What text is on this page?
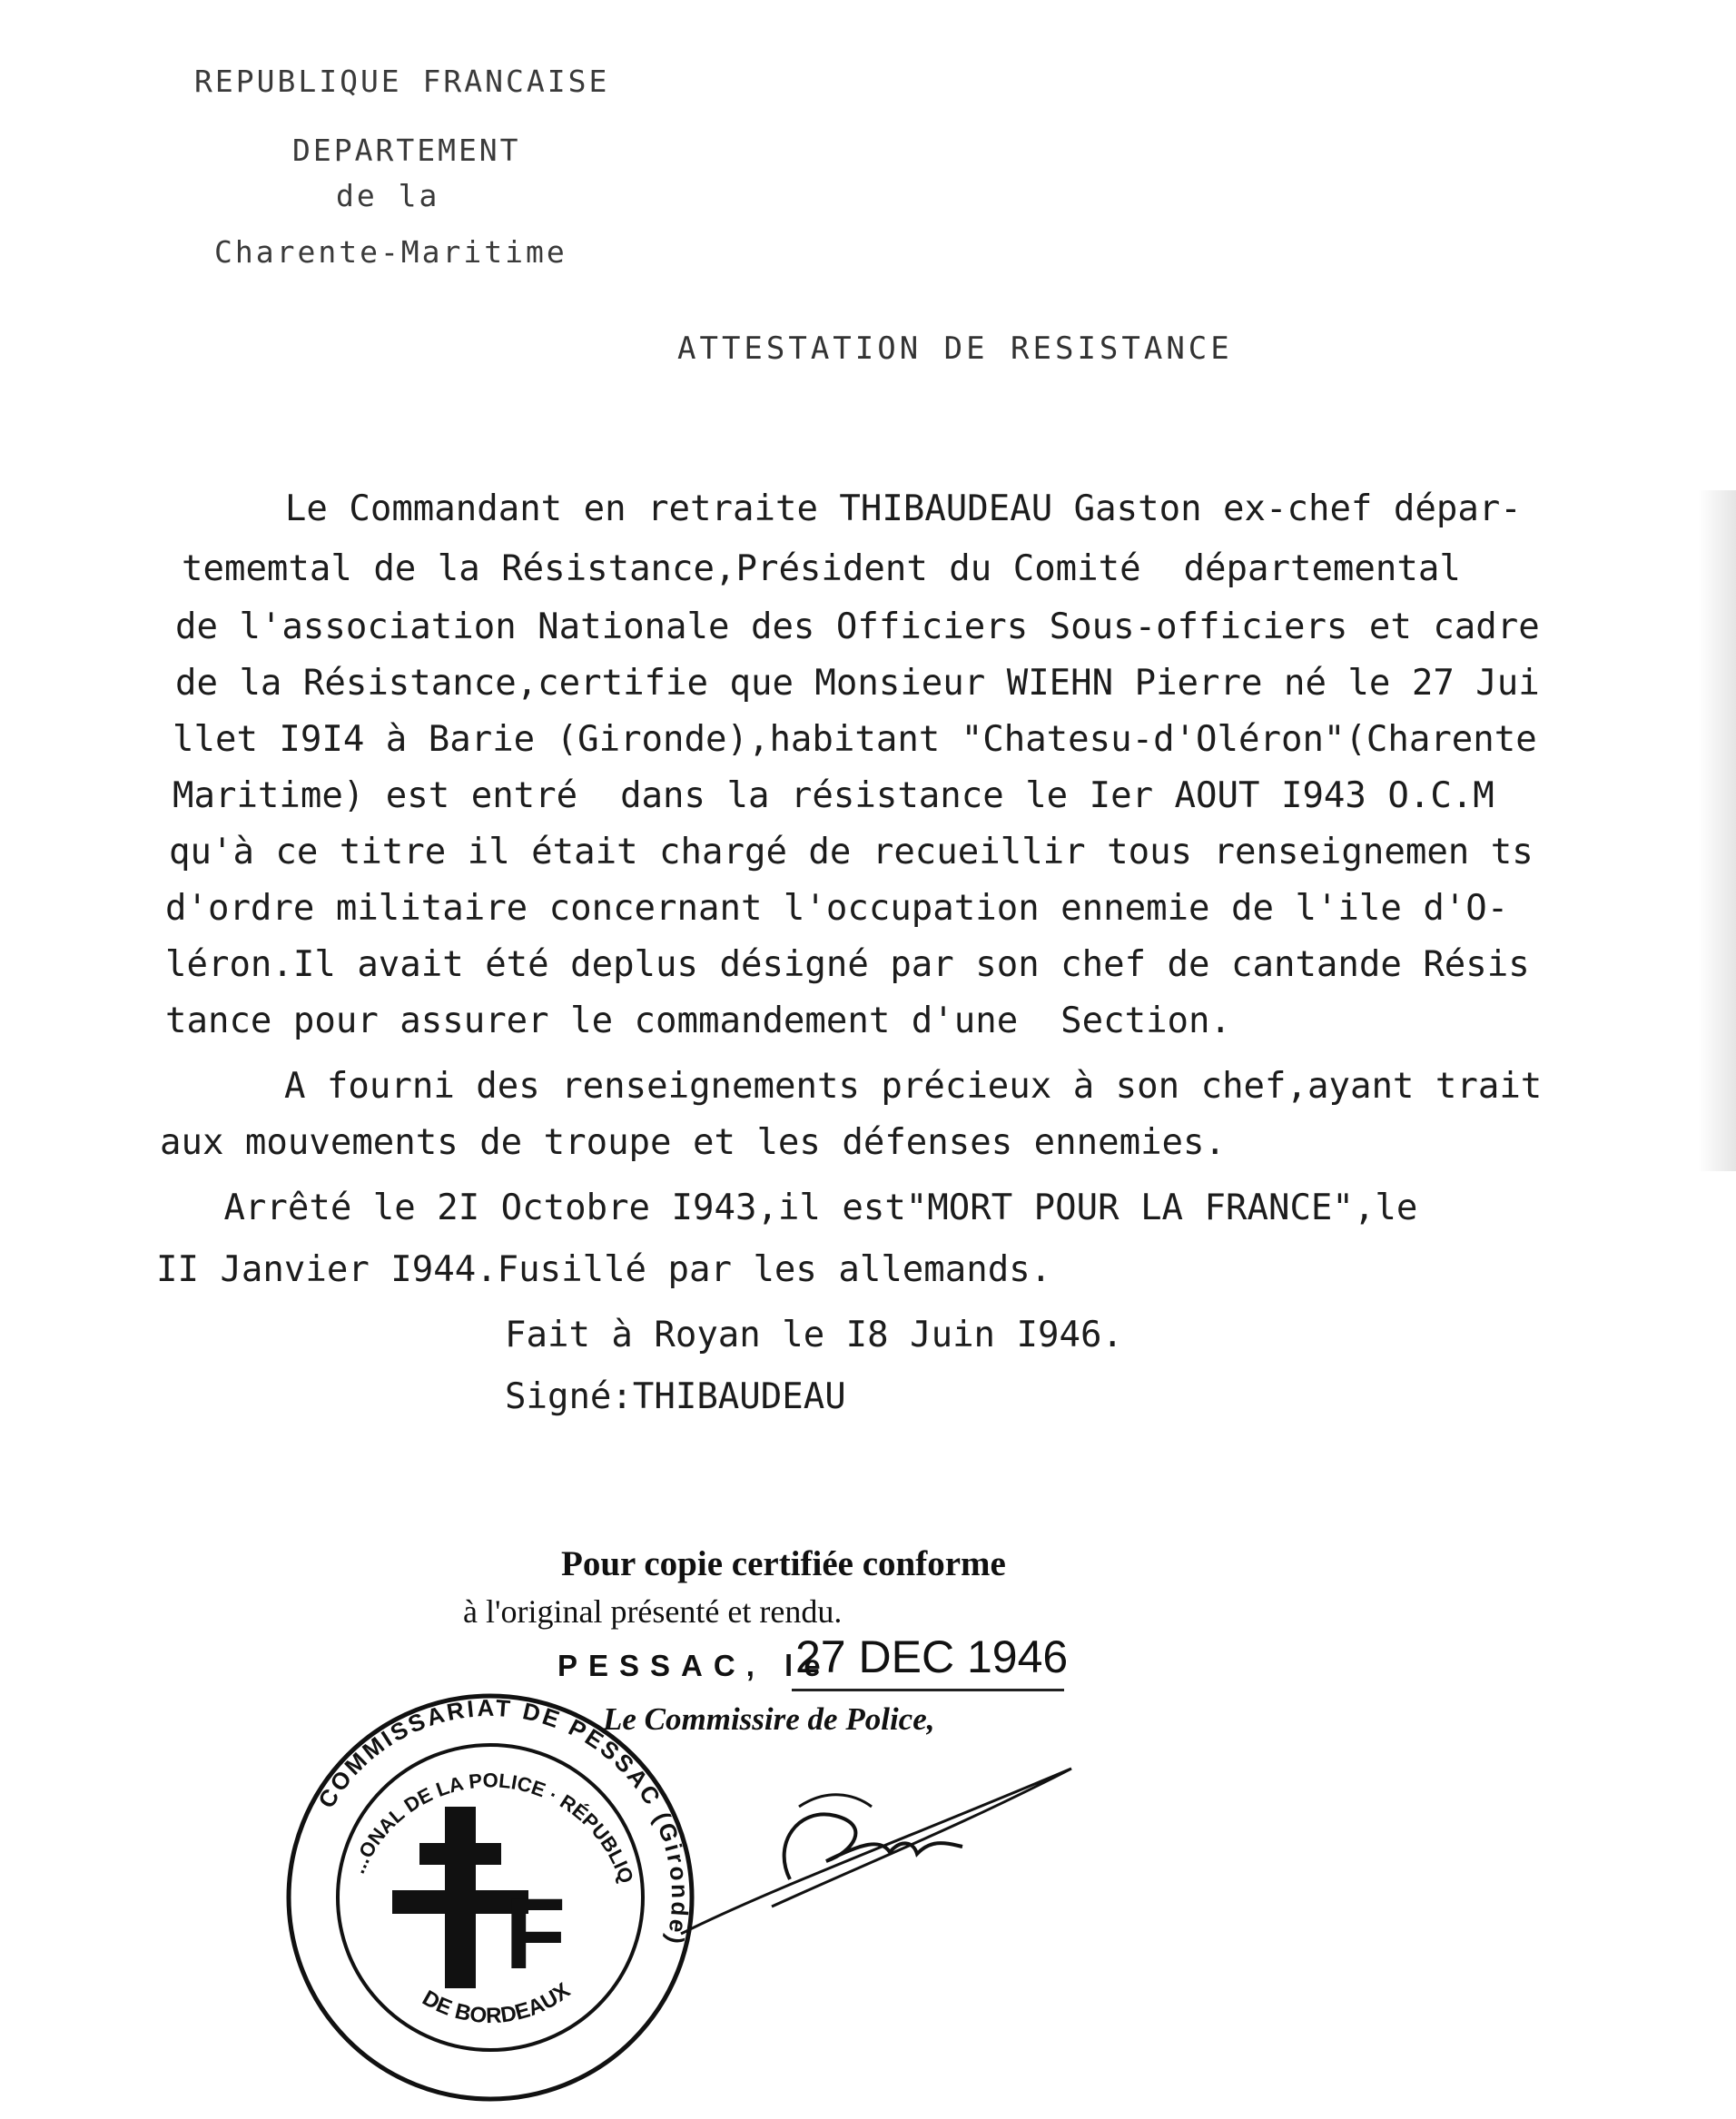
REPUBLIQUE FRANCAISE
DEPARTEMENT
de la
Charente-Maritime
ATTESTATION DE RESISTANCE
Le Commandant en retraite THIBAUDEAU Gaston ex-chef dépar-
tememtal de la Résistance,Président du Comité  départemental
de l'association Nationale des Officiers Sous-officiers et cadre
de la Résistance,certifie que Monsieur WIEHN Pierre né le 27 Jui
llet I9I4 à Barie (Gironde),habitant "Chatesu-d'Oléron"(Charente
Maritime) est entré  dans la résistance le Ier AOUT I943 O.C.M
qu'à ce titre il était chargé de recueillir tous renseignemen ts
d'ordre militaire concernant l'occupation ennemie de l'ile d'O-
léron.Il avait été deplus désigné par son chef de cantande Résis
tance pour assurer le commandement d'une  Section.
A fourni des renseignements précieux à son chef,ayant trait
aux mouvements de troupe et les défenses ennemies.
Arrêté le 2I Octobre I943,il est"MORT POUR LA FRANCE",le
II Janvier I944.Fusillé par les allemands.
Fait à Royan le I8 Juin I946.
Signé:THIBAUDEAU
Pour copie certifiée conforme
à l'original présenté et rendu.
PESSAC, le
27 DEC 1946
Le Commissire de Police,
COMMISSARIAT DE PESSAC (Gironde)
...ONAL DE LA POLICE · RÉPUBLIQ
DE BORDEAUX
F
